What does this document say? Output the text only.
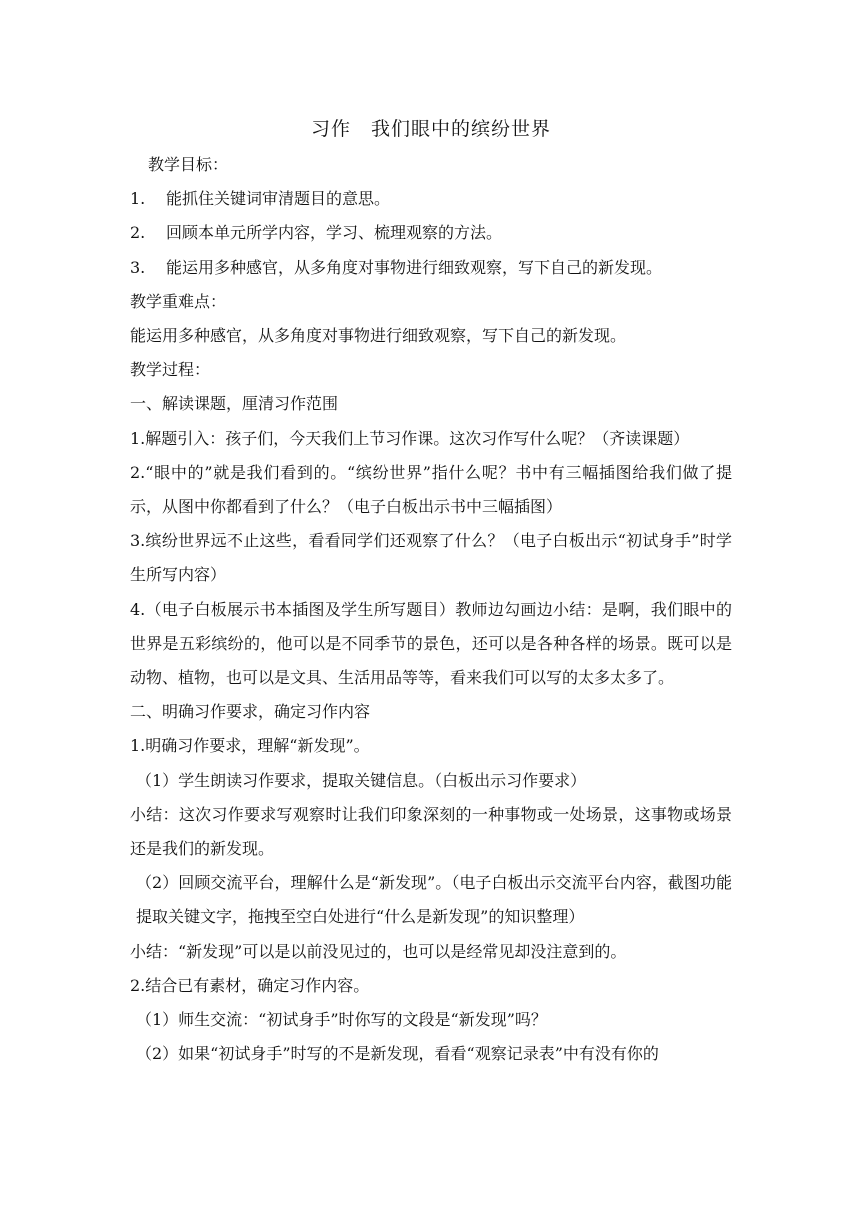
习作　我们眼中的缤纷世界

教学目标：

1. 能抓住关键词审清题目的意思。

2. 回顾本单元所学内容，学习、梳理观察的方法。

3. 能运用多种感官，从多角度对事物进行细致观察，写下自己的新发现。

教学重难点：

能运用多种感官，从多角度对事物进行细致观察，写下自己的新发现。

教学过程：

一、解读课题，厘清习作范围

1.解题引入：孩子们，今天我们上节习作课。这次习作写什么呢？（齐读课题）

2.“眼中的”就是我们看到的。“缤纷世界”指什么呢？书中有三幅插图给我们做了提示，从图中你都看到了什么？（电子白板出示书中三幅插图）

3.缤纷世界远不止这些，看看同学们还观察了什么？（电子白板出示“初试身手”时学生所写内容）

4.（电子白板展示书本插图及学生所写题目）教师边勾画边小结：是啊，我们眼中的世界是五彩缤纷的，他可以是不同季节的景色，还可以是各种各样的场景。既可以是动物、植物，也可以是文具、生活用品等等，看来我们可以写的太多太多了。

二、明确习作要求，确定习作内容

1.明确习作要求，理解“新发现”。

（1）学生朗读习作要求，提取关键信息。（白板出示习作要求）

小结：这次习作要求写观察时让我们印象深刻的一种事物或一处场景，这事物或场景还是我们的新发现。

（2）回顾交流平台，理解什么是“新发现”。（电子白板出示交流平台内容，截图功能提取关键文字，拖拽至空白处进行“什么是新发现”的知识整理）

小结：“新发现”可以是以前没见过的，也可以是经常见却没注意到的。

2.结合已有素材，确定习作内容。

（1）师生交流：“初试身手”时你写的文段是“新发现”吗？

（2）如果“初试身手”时写的不是新发现，看看“观察记录表”中有没有你的
